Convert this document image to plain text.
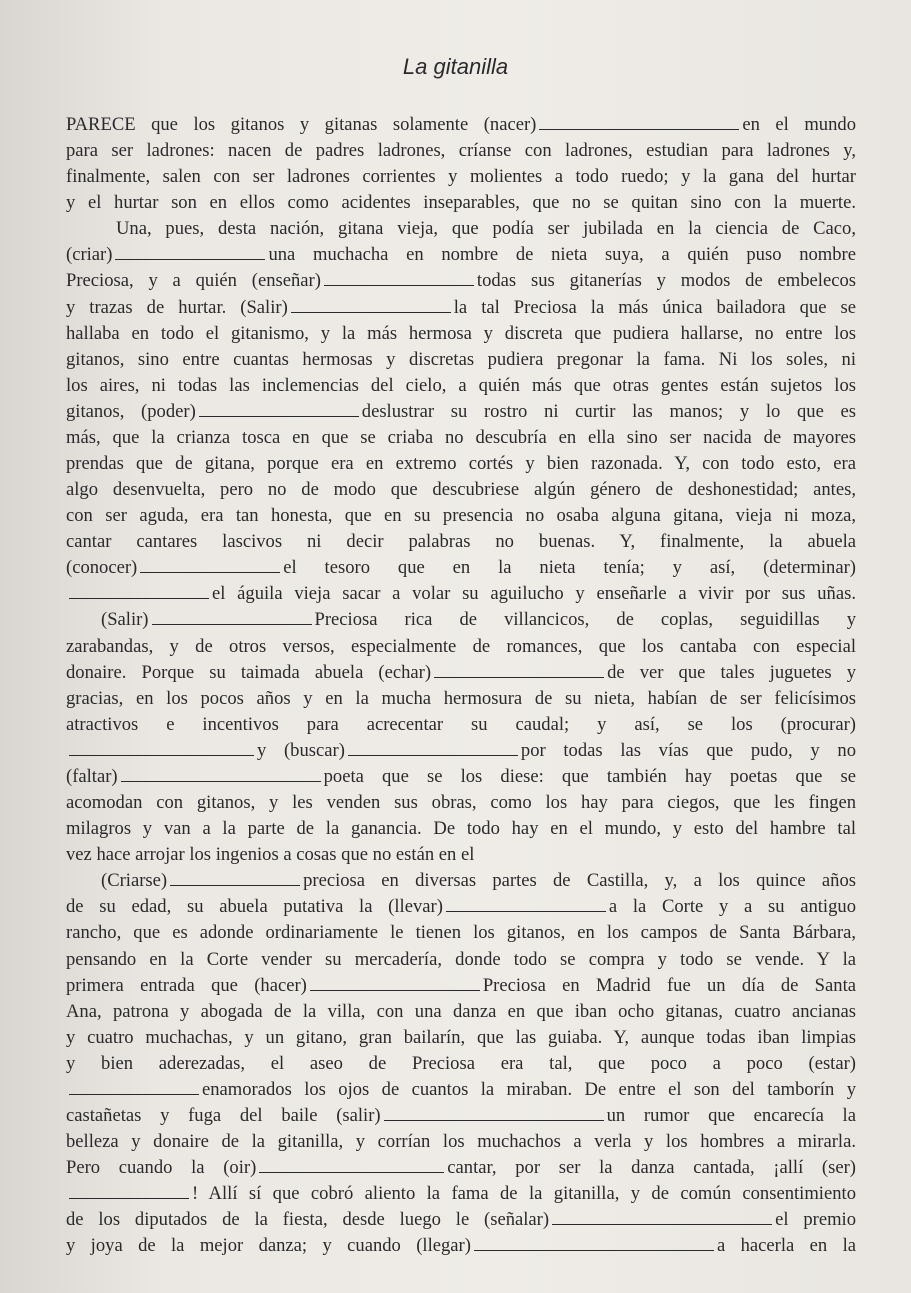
La gitanilla
PARECE que los gitanos y gitanas solamente (nacer)	en el mundo
para ser ladrones: nacen de padres ladrones, críanse con ladrones, estudian para ladrones y,
finalmente, salen con ser ladrones corrientes y molientes a todo ruedo; y la gana del hurtar
y el hurtar son en ellos como acidentes inseparables, que no se quitan sino con la muerte.
Una, pues, desta nación, gitana vieja, que podía ser jubilada en la ciencia de Caco,
(criar)	una muchacha en nombre de nieta suya, a quién puso nombre
Preciosa, y a quién (enseñar)	todas sus gitanerías y modos de embelecos
y trazas de hurtar. (Salir)	la tal Preciosa la más única bailadora que se
hallaba en todo el gitanismo, y la más hermosa y discreta que pudiera hallarse, no entre los
gitanos, sino entre cuantas hermosas y discretas pudiera pregonar la fama. Ni los soles, ni
los aires, ni todas las inclemencias del cielo, a quién más que otras gentes están sujetos los
gitanos, (poder)	deslustrar su rostro ni curtir las manos; y lo que es
más, que la crianza tosca en que se criaba no descubría en ella sino ser nacida de mayores
prendas que de gitana, porque era en extremo cortés y bien razonada. Y, con todo esto, era
algo desenvuelta, pero no de modo que descubriese algún género de deshonestidad; antes,
con ser aguda, era tan honesta, que en su presencia no osaba alguna gitana, vieja ni moza,
cantar cantares lascivos ni decir palabras no buenas. Y, finalmente, la abuela
(conocer)	el tesoro que en la nieta tenía; y así, (determinar)
el águila vieja sacar a volar su aguilucho y enseñarle a vivir por sus uñas.
(Salir)	Preciosa rica de villancicos, de coplas, seguidillas y
zarabandas, y de otros versos, especialmente de romances, que los cantaba con especial
donaire. Porque su taimada abuela (echar)	de ver que tales juguetes y
gracias, en los pocos años y en la mucha hermosura de su nieta, habían de ser felicísimos
atractivos e incentivos para acrecentar su caudal; y así, se los (procurar)
y (buscar)	por todas las vías que pudo, y no
(faltar)	poeta que se los diese: que también hay poetas que se
acomodan con gitanos, y les venden sus obras, como los hay para ciegos, que les fingen
milagros y van a la parte de la ganancia. De todo hay en el mundo, y esto del hambre tal
vez hace arrojar los ingenios a cosas que no están en el
(Criarse)	preciosa en diversas partes de Castilla, y, a los quince años
de su edad, su abuela putativa la (llevar)	a la Corte y a su antiguo
rancho, que es adonde ordinariamente le tienen los gitanos, en los campos de Santa Bárbara,
pensando en la Corte vender su mercadería, donde todo se compra y todo se vende. Y la
primera entrada que (hacer)	Preciosa en Madrid fue un día de Santa
Ana, patrona y abogada de la villa, con una danza en que iban ocho gitanas, cuatro ancianas
y cuatro muchachas, y un gitano, gran bailarín, que las guiaba. Y, aunque todas iban limpias
y bien aderezadas, el aseo de Preciosa era tal, que poco a poco (estar)
enamorados los ojos de cuantos la miraban. De entre el son del tamborín y
castañetas y fuga del baile (salir)	un rumor que encarecía la
belleza y donaire de la gitanilla, y corrían los muchachos a verla y los hombres a mirarla.
Pero cuando la (oir)	cantar, por ser la danza cantada, ¡allí (ser)
! Allí sí que cobró aliento la fama de la gitanilla, y de común consentimiento
de los diputados de la fiesta, desde luego le (señalar)	el premio
y joya de la mejor danza; y cuando (llegar)	a hacerla en la
